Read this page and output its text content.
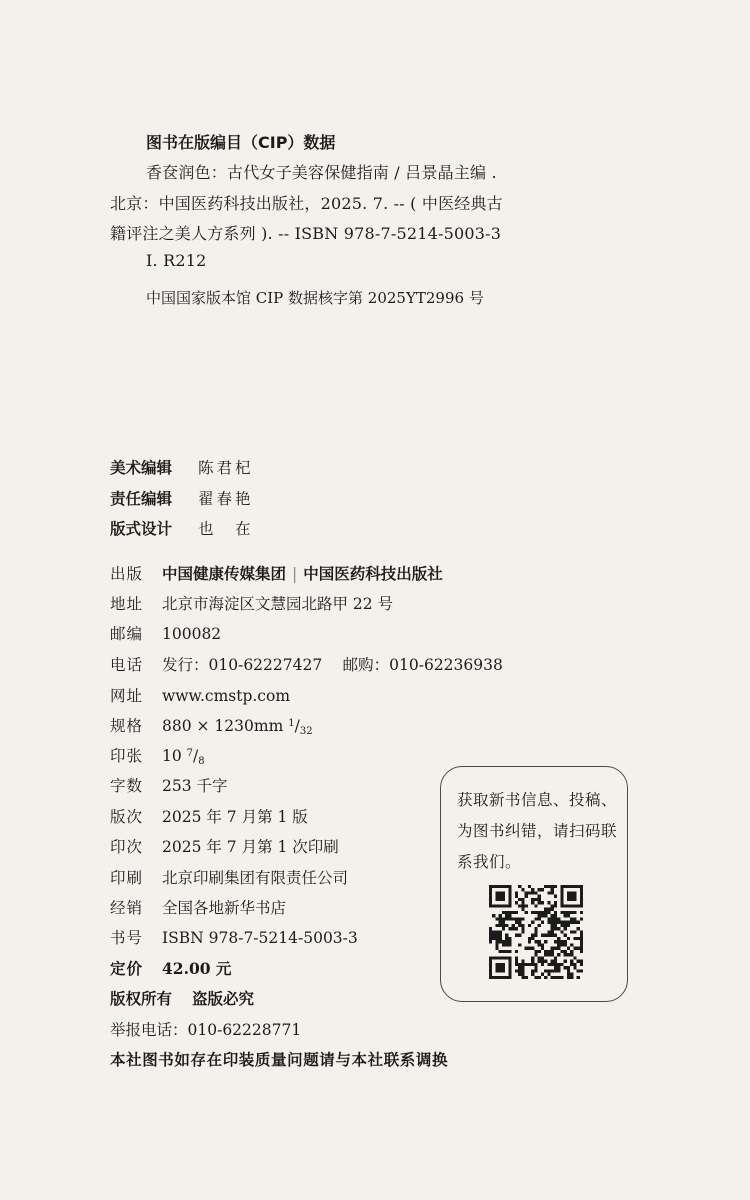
图书在版编目（CIP）数据
香奁润色：古代女子美容保健指南 / 吕景晶主编 .
北京：中国医药科技出版社，2025. 7. -- ( 中医经典古
籍评注之美人方系列 ). -- ISBN 978-7-5214-5003-3
Ⅰ. R212
中国国家版本馆 CIP 数据核字第 2025YT2996 号
美术编辑 陈君杞
责任编辑 翟春艳
版式设计 也　在
出版 中国健康传媒集团 | 中国医药科技出版社
地址 北京市海淀区文慧园北路甲 22 号
邮编 100082
电话 发行：010-62227427　 邮购：010-62236938
网址 www.cmstp.com
规格 880 × 1230mm $^1/_{32}$
印张 10 $^7/_8$
字数 253 千字
版次 2025 年 7 月第 1 版
印次 2025 年 7 月第 1 次印刷
印刷 北京印刷集团有限责任公司
经销 全国各地新华书店
书号 ISBN 978-7-5214-5003-3
定价 42.00 元
版权所有 盗版必究
举报电话：010-62228771
本社图书如存在印装质量问题请与本社联系调换
获取新书信息、投稿、为图书纠错，请扫码联系我们。
